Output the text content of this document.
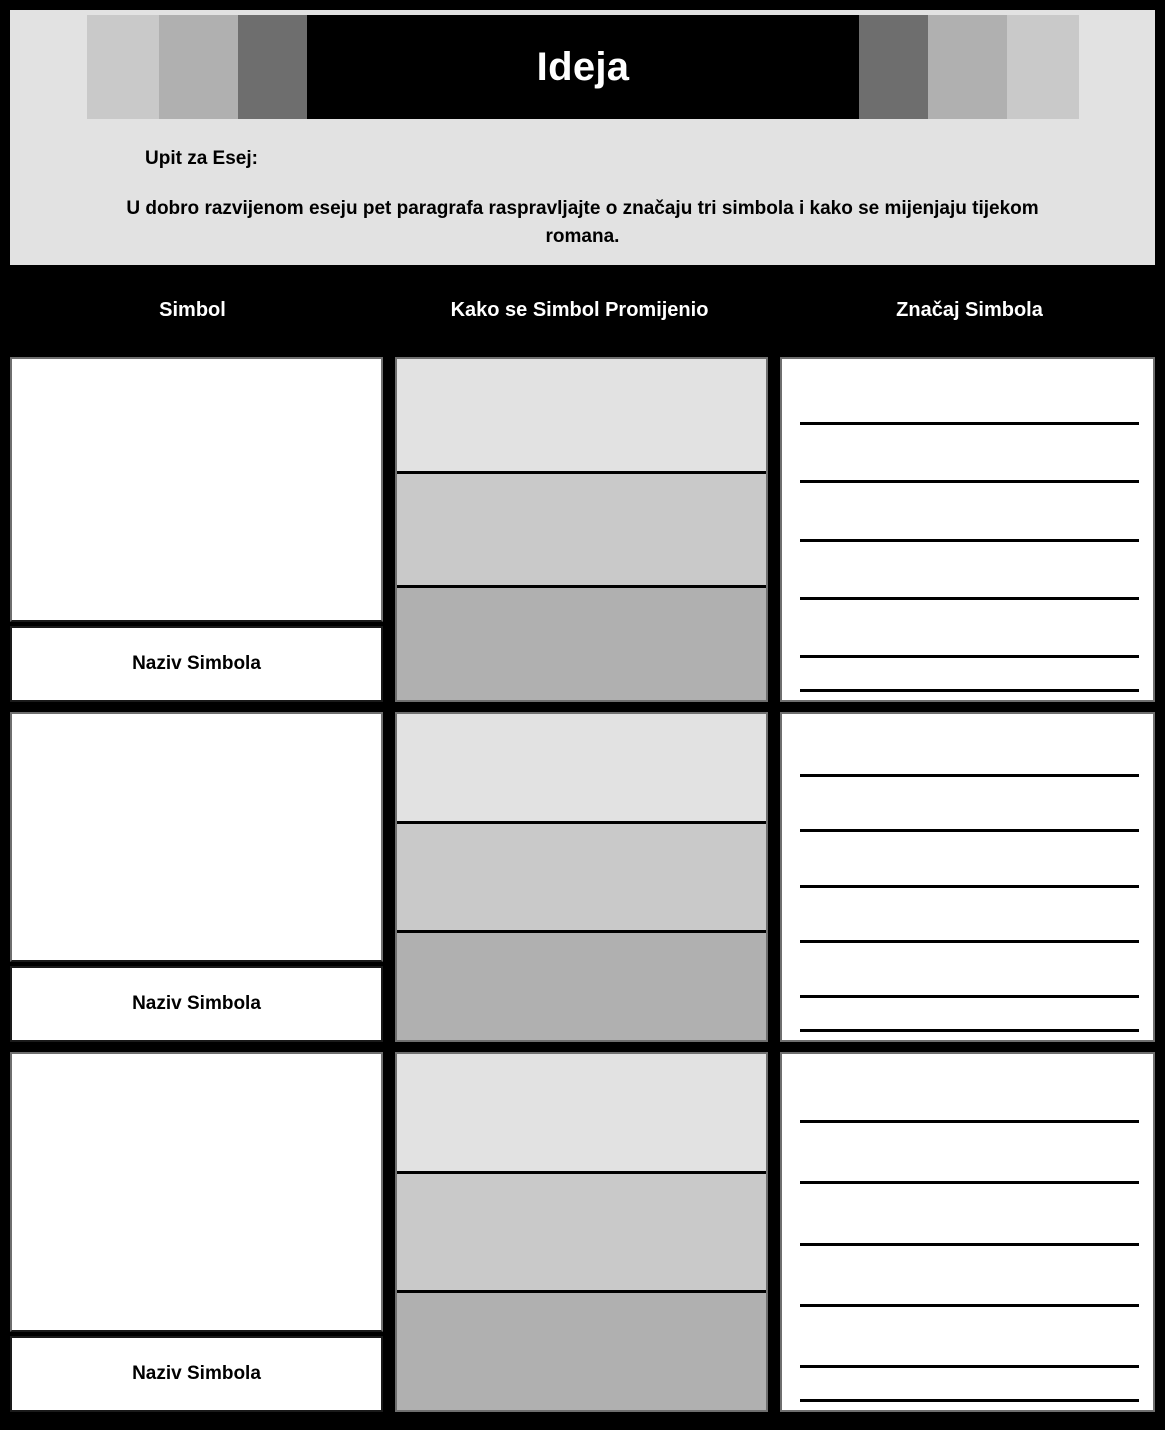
Ideja
Upit za Esej:
U dobro razvijenom eseju pet paragrafa raspravljajte o značaju tri simbola i kako se mijenjaju tijekom romana.
Simbol	Kako se Simbol Promijenio	Značaj Simbola
Naziv Simbola
Naziv Simbola
Naziv Simbola
